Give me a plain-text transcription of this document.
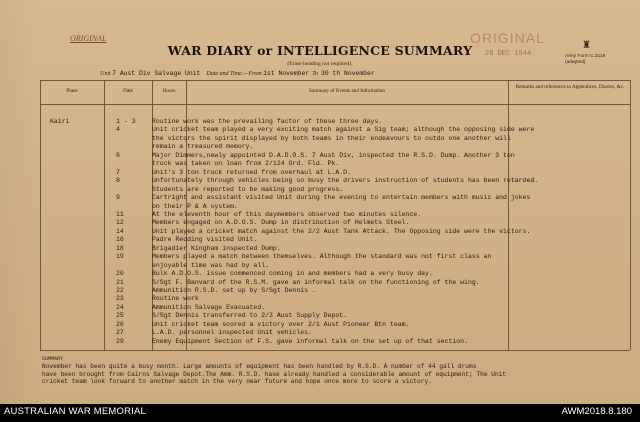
ORIGINAL	ORIGINAL
28 DEC 1944
WAR DIARY or INTELLIGENCE SUMMARY
(Erase heading not required).
♜
Army Form C.2118
(adapted).
Unit 7 Aust Div Salvage Unit Date and Time.—From 1st November To 30 th November
Place	Date	Hours	Summary of Events and Information
Remarks and references to Appendices, Diaries, &c.
Kairi	1 - 3	Routine work was the prevailing factor of these three days.
4	Unit cricket team played a very exciting match against a Sig team; although the opposing side were
the victors the spirit displayed by both teams in their endeavours to outdo one another will
remain a treasured memory.
6	Major Dimmers,newly appointed D.A.D.O.S. 7 Aust Div, inspected the R.S.D. Dump. Another 3 ton
truck was taken on loan from 2/124 Ord. Fld. Pk.
7	Unit's 3 ton truck returned from overhaul at L.A.D.
8	Unfortunately through vehicles being so busy the drivers instruction of students has been retarded.
Students are reported to be making good progress.
9	Cartright and assistant visited Unit during the evening to entertain members with music and jokes
on their P & A system.
11	At the eleventh hour of this daymembers observed two minutes silence.
12	Members engaged on A.D.O.S. Dump in distribution of Helmets Steel.
14	Unit played a cricket match against the 2/2 Aust Tank Attack. The Opposing side were the victors.
16	Padre Redding visited Unit.
18	Brigadier Kingham inspected Dump.
19	Members played a match between themselves. Although the standard was not first class an
enjoyable time was had by all.
20	Bulk A.D.O.S. issue commenced coming in and members had a very busy day.
21	S/Sgt F. Banvard of the R.S.M. gave an informal talk on the functioning of the wing.
22	Ammunition R.S.D. set up by S/Sgt Dennis .
23	Routine work
24	Ammunition Salvage Evacuated.
25	S/Sgt Dennis transferred to 2/3 Aust Supply Depot.
26	Unit cricket team scored a victory over 2/1 Aust Pioneer Btn team.
27	L.A.D. personnel inspected Unit vehicles.
29	Enemy Equipment Section of F.S. gave informal talk on the set up of that section.
SUMMARY
November has been quite a busy month. Large amounts of equipment has been handled by R.S.D. A number of 44 gall drums
have been brought from Cairns Salvage Depot.The Amm. R.S.D. hase already handled a considerable amount of equipment; The Unit
cricket team look forward to another match in the very near future and hope once more to score a victory.
AUSTRALIAN WAR MEMORIAL	AWM2018.8.180
